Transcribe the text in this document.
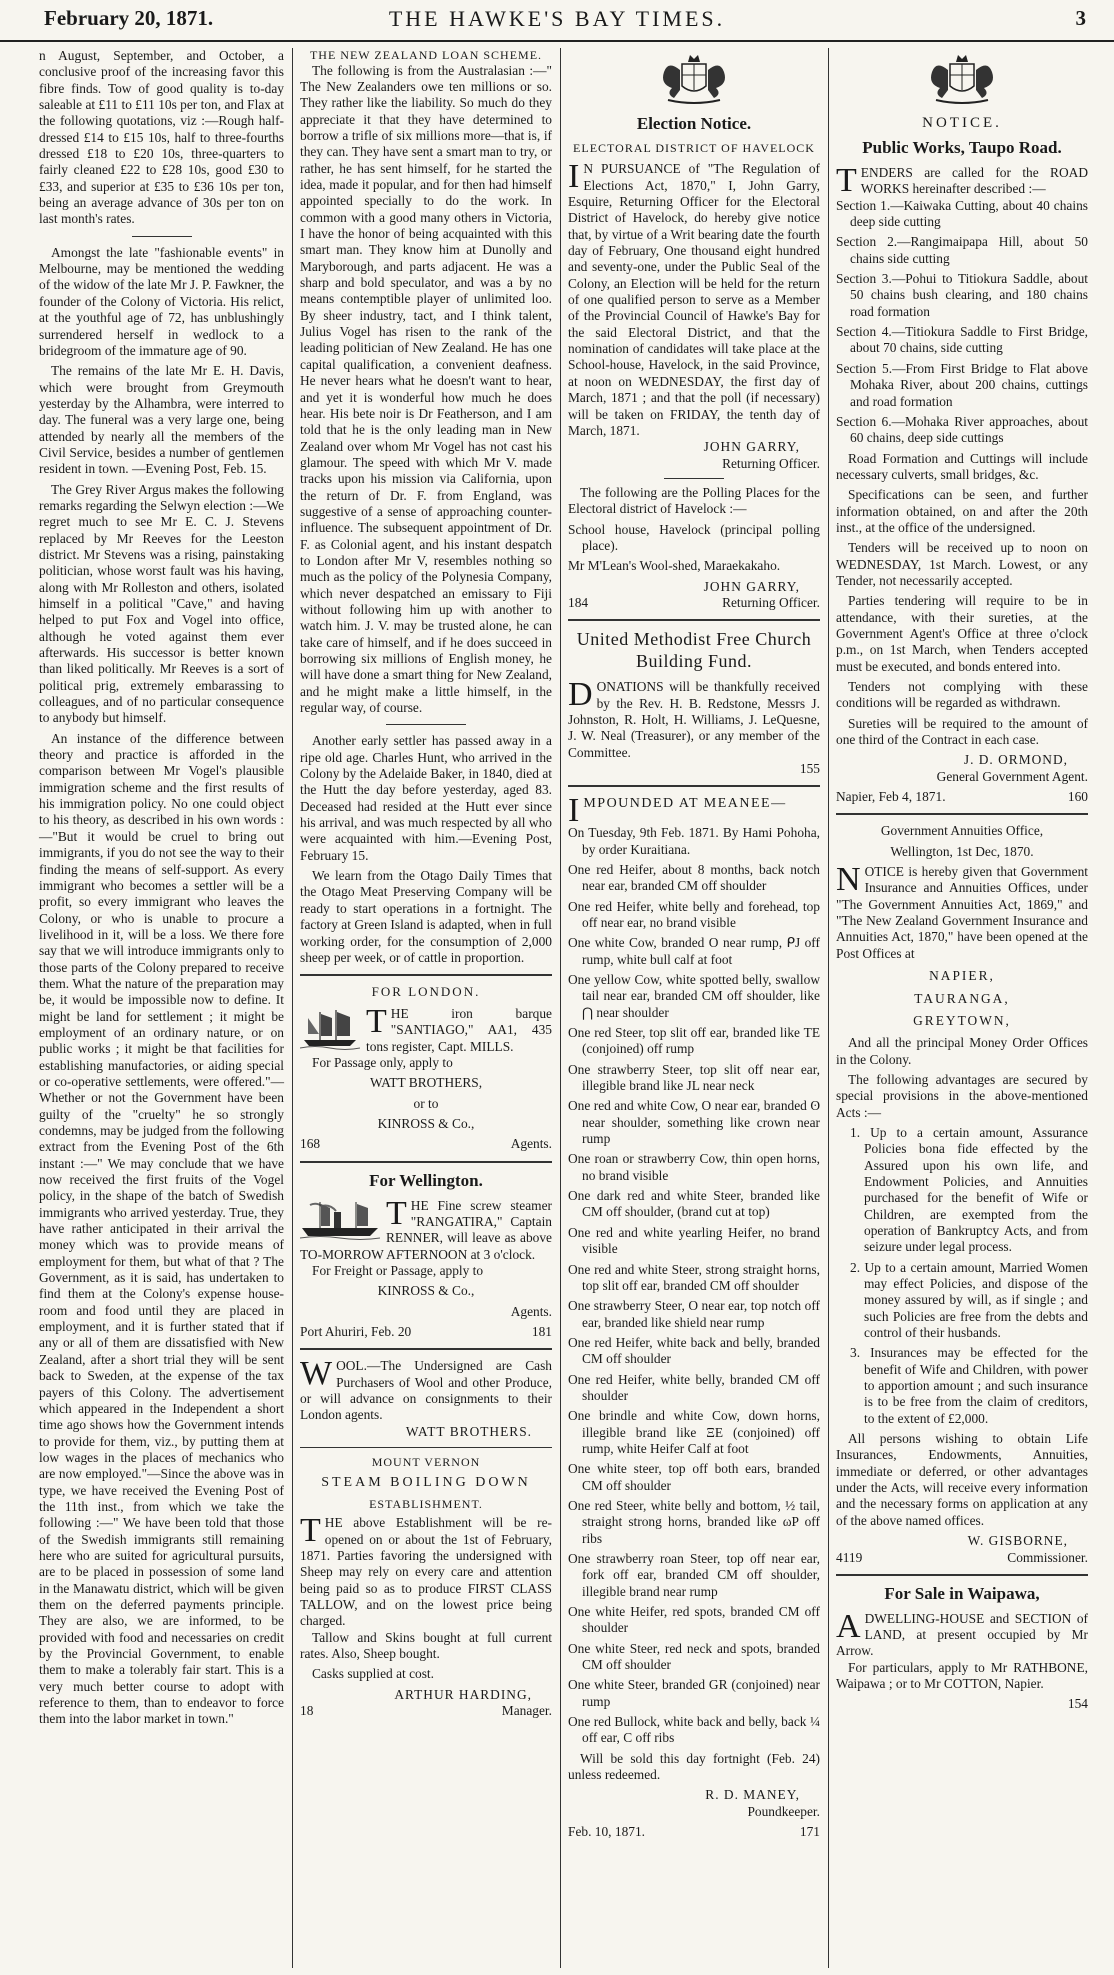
February 20, 1871.	THE HAWKE'S BAY TIMES.	3

n August, September, and October, a conclusive proof of the increasing favor this fibre finds. Tow of good quality is to-day saleable at £11 to £11 10s per ton, and Flax at the following quotations, viz :—Rough half-dressed £14 to £15 10s, half to three-fourths dressed £18 to £20 10s, three-quarters to fairly cleaned £22 to £28 10s, good £30 to £33, and superior at £35 to £36 10s per ton, being an average advance of 30s per ton on last month's rates.

Amongst the late "fashionable events" in Melbourne, may be mentioned the wedding of the widow of the late Mr J. P. Fawkner, the founder of the Colony of Victoria. His relict, at the youthful age of 72, has unblushingly surrendered herself in wedlock to a bridegroom of the immature age of 90.

The remains of the late Mr E. H. Davis, which were brought from Greymouth yesterday by the Alhambra, were interred to day. The funeral was a very large one, being attended by nearly all the members of the Civil Service, besides a number of gentlemen resident in town. —Evening Post, Feb. 15.

The Grey River Argus makes the following remarks regarding the Selwyn election :—We regret much to see Mr E. C. J. Stevens replaced by Mr Reeves for the Leeston district. Mr Stevens was a rising, painstaking politician, whose worst fault was his having, along with Mr Rolleston and others, isolated himself in a political "Cave," and having helped to put Fox and Vogel into office, although he voted against them ever afterwards. His successor is better known than liked politically. Mr Reeves is a sort of political prig, extremely embarassing to colleagues, and of no particular consequence to anybody but himself.

An instance of the difference between theory and practice is afforded in the comparison between Mr Vogel's plausible immigration scheme and the first results of his immigration policy. No one could object to his theory, as described in his own words :—"But it would be cruel to bring out immigrants, if you do not see the way to their finding the means of self-support. As every immigrant who becomes a settler will be a profit, so every immigrant who leaves the Colony, or who is unable to procure a livelihood in it, will be a loss. We there fore say that we will introduce immigrants only to those parts of the Colony prepared to receive them. What the nature of the preparation may be, it would be impossible now to define. It might be land for settlement ; it might be employment of an ordinary nature, or on public works ; it might be that facilities for establishing manufactories, or aiding special or co-operative settlements, were offered."—Whether or not the Government have been guilty of the "cruelty" he so strongly condemns, may be judged from the following extract from the Evening Post of the 6th instant :—" We may conclude that we have now received the first fruits of the Vogel policy, in the shape of the batch of Swedish immigrants who arrived yesterday. True, they have rather anticipated in their arrival the money which was to provide means of employment for them, but what of that ? The Government, as it is said, has undertaken to find them at the Colony's expense house-room and food until they are placed in employment, and it is further stated that if any or all of them are dissatisfied with New Zealand, after a short trial they will be sent back to Sweden, at the expense of the tax payers of this Colony. The advertisement which appeared in the Independent a short time ago shows how the Government intends to provide for them, viz., by putting them at low wages in the places of mechanics who are now employed."—Since the above was in type, we have received the Evening Post of the 11th inst., from which we take the following :—" We have been told that those of the Swedish immigrants still remaining here who are suited for agricultural pursuits, are to be placed in possession of some land in the Manawatu district, which will be given them on the deferred payments principle. They are also, we are informed, to be provided with food and necessaries on credit by the Provincial Government, to enable them to make a tolerably fair start. This is a very much better course to adopt with reference to them, than to endeavor to force them into the labor market in town."

THE NEW ZEALAND LOAN SCHEME.

The following is from the Australasian :—" The New Zealanders owe ten millions or so. They rather like the liability. So much do they appreciate it that they have determined to borrow a trifle of six millions more—that is, if they can. They have sent a smart man to try, or rather, he has sent himself, for he started the idea, made it popular, and for then had himself appointed specially to do the work. In common with a good many others in Victoria, I have the honor of being acquainted with this smart man. They know him at Dunolly and Maryborough, and parts adjacent. He was a sharp and bold speculator, and was a by no means contemptible player of unlimited loo. By sheer industry, tact, and I think talent, Julius Vogel has risen to the rank of the leading politician of New Zealand. He has one capital qualification, a convenient deafness. He never hears what he doesn't want to hear, and yet it is wonderful how much he does hear. His bete noir is Dr Featherson, and I am told that he is the only leading man in New Zealand over whom Mr Vogel has not cast his glamour. The speed with which Mr V. made tracks upon his mission via California, upon the return of Dr. F. from England, was suggestive of a sense of approaching counter-influence. The subsequent appointment of Dr. F. as Colonial agent, and his instant despatch to London after Mr V, resembles nothing so much as the policy of the Polynesia Company, which never despatched an emissary to Fiji without following him up with another to watch him. J. V. may be trusted alone, he can take care of himself, and if he does succeed in borrowing six millions of English money, he will have done a smart thing for New Zealand, and he might make a little himself, in the regular way, of course.

Another early settler has passed away in a ripe old age. Charles Hunt, who arrived in the Colony by the Adelaide Baker, in 1840, died at the Hutt the day before yesterday, aged 83. Deceased had resided at the Hutt ever since his arrival, and was much respected by all who were acquainted with him.—Evening Post, February 15.

We learn from the Otago Daily Times that the Otago Meat Preserving Company will be ready to start operations in a fortnight. The factory at Green Island is adapted, when in full working order, for the consumption of 2,000 sheep per week, or of cattle in proportion.

FOR LONDON.
T HE iron barque "SANTIAGO," AA1, 435 tons register, Capt. MILLS.

For Passage only, apply to

WATT BROTHERS,

or to

KINROSS & Co.,

168	Agents.
For Wellington.
T HE Fine screw steamer "RANGATIRA," Captain RENNER, will leave as above TO-MORROW AFTERNOON at 3 o'clock.

For Freight or Passage, apply to

KINROSS & Co.,

Agents.

Port Ahuriri, Feb. 20	181
W OOL.—The Undersigned are Cash Purchasers of Wool and other Produce, or will advance on consignments to their London agents.

WATT BROTHERS.

MOUNT VERNON
STEAM BOILING DOWN
ESTABLISHMENT.
T HE above Establishment will be re-opened on or about the 1st of February, 1871. Parties favoring the undersigned with Sheep may rely on every care and attention being paid so as to produce FIRST CLASS TALLOW, and on the lowest price being charged.

Tallow and Skins bought at full current rates. Also, Sheep bought.

Casks supplied at cost.

ARTHUR HARDING,

18	Manager.
Election Notice.
ELECTORAL DISTRICT OF HAVELOCK
I N PURSUANCE of "The Regulation of Elections Act, 1870," I, John Garry, Esquire, Returning Officer for the Electoral District of Havelock, do hereby give notice that, by virtue of a Writ bearing date the fourth day of February, One thousand eight hundred and seventy-one, under the Public Seal of the Colony, an Election will be held for the return of one qualified person to serve as a Member of the Provincial Council of Hawke's Bay for the said Electoral District, and that the nomination of candidates will take place at the School-house, Havelock, in the said Province, at noon on WEDNESDAY, the first day of March, 1871 ; and that the poll (if necessary) will be taken on FRIDAY, the tenth day of March, 1871.

JOHN GARRY,

Returning Officer.

The following are the Polling Places for the Electoral district of Havelock :—

School house, Havelock (principal polling place).

Mr M'Lean's Wool-shed, Maraekakaho.

JOHN GARRY,

184	Returning Officer.
United Methodist Free Church Building Fund.
D ONATIONS will be thankfully received by the Rev. H. B. Redstone, Messrs J. Johnston, R. Holt, H. Williams, J. LeQuesne, J. W. Neal (Treasurer), or any member of the Committee.

155

I MPOUNDED AT MEANEE—

On Tuesday, 9th Feb. 1871. By Hami Pohoha, by order Kuraitiana.

One red Heifer, about 8 months, back notch near ear, branded CM off shoulder

One red Heifer, white belly and forehead, top off near ear, no brand visible

One white Cow, branded O near rump, ᑭJ off rump, white bull calf at foot

One yellow Cow, white spotted belly, swallow tail near ear, branded CM off shoulder, like ⋂ near shoulder

One red Steer, top slit off ear, branded like TE (conjoined) off rump

One strawberry Steer, top slit off near ear, illegible brand like JL near neck

One red and white Cow, O near ear, branded ʘ near shoulder, something like crown near rump

One roan or strawberry Cow, thin open horns, no brand visible

One dark red and white Steer, branded like CM off shoulder, (brand cut at top)

One red and white yearling Heifer, no brand visible

One red and white Steer, strong straight horns, top slit off ear, branded CM off shoulder

One strawberry Steer, O near ear, top notch off ear, branded like shield near rump

One red Heifer, white back and belly, branded CM off shoulder

One red Heifer, white belly, branded CM off shoulder

One brindle and white Cow, down horns, illegible brand like ΞE (conjoined) off rump, white Heifer Calf at foot

One white steer, top off both ears, branded CM off shoulder

One red Steer, white belly and bottom, ½ tail, straight strong horns, branded like ωP off ribs

One strawberry roan Steer, top off near ear, fork off ear, branded CM off shoulder, illegible brand near rump

One white Heifer, red spots, branded CM off shoulder

One white Steer, red neck and spots, branded CM off shoulder

One white Steer, branded GR (conjoined) near rump

One red Bullock, white back and belly, back ¼ off ear, C off ribs

Will be sold this day fortnight (Feb. 24) unless redeemed.

R. D. MANEY,

Poundkeeper.

Feb. 10, 1871.	171
NOTICE.
Public Works, Taupo Road.
T ENDERS are called for the ROAD WORKS hereinafter described :—

Section 1.—Kaiwaka Cutting, about 40 chains deep side cutting

Section 2.—Rangimaipapa Hill, about 50 chains side cutting

Section 3.—Pohui to Titiokura Saddle, about 50 chains bush clearing, and 180 chains road formation

Section 4.—Titiokura Saddle to First Bridge, about 70 chains, side cutting

Section 5.—From First Bridge to Flat above Mohaka River, about 200 chains, cuttings and road formation

Section 6.—Mohaka River approaches, about 60 chains, deep side cuttings

Road Formation and Cuttings will include necessary culverts, small bridges, &c.

Specifications can be seen, and further information obtained, on and after the 20th inst., at the office of the undersigned.

Tenders will be received up to noon on WEDNESDAY, 1st March. Lowest, or any Tender, not necessarily accepted.

Parties tendering will require to be in attendance, with their sureties, at the Government Agent's Office at three o'clock p.m., on 1st March, when Tenders accepted must be executed, and bonds entered into.

Tenders not complying with these conditions will be regarded as withdrawn.

Sureties will be required to the amount of one third of the Contract in each case.

J. D. ORMOND,

General Government Agent.

Napier, Feb 4, 1871.	160

Government Annuities Office,

Wellington, 1st Dec, 1870.

N OTICE is hereby given that Government Insurance and Annuities Offices, under "The Government Annuities Act, 1869," and "The New Zealand Government Insurance and Annuities Act, 1870," have been opened at the Post Offices at

NAPIER,

TAURANGA,

GREYTOWN,

And all the principal Money Order Offices in the Colony.

The following advantages are secured by special provisions in the above-mentioned Acts :—

1. Up to a certain amount, Assurance Policies bona fide effected by the Assured upon his own life, and Endowment Policies, and Annuities purchased for the benefit of Wife or Children, are exempted from the operation of Bankruptcy Acts, and from seizure under legal process.

2. Up to a certain amount, Married Women may effect Policies, and dispose of the money assured by will, as if single ; and such Policies are free from the debts and control of their husbands.

3. Insurances may be effected for the benefit of Wife and Children, with power to apportion amount ; and such insurance is to be free from the claim of creditors, to the extent of £2,000.

All persons wishing to obtain Life Insurances, Endowments, Annuities, immediate or deferred, or other advantages under the Acts, will receive every information and the necessary forms on application at any of the above named offices.

W. GISBORNE,

4119	Commissioner.
For Sale in Waipawa,
A DWELLING-HOUSE and SECTION of LAND, at present occupied by Mr Arrow.

For particulars, apply to Mr RATHBONE, Waipawa ; or to Mr COTTON, Napier.

154
